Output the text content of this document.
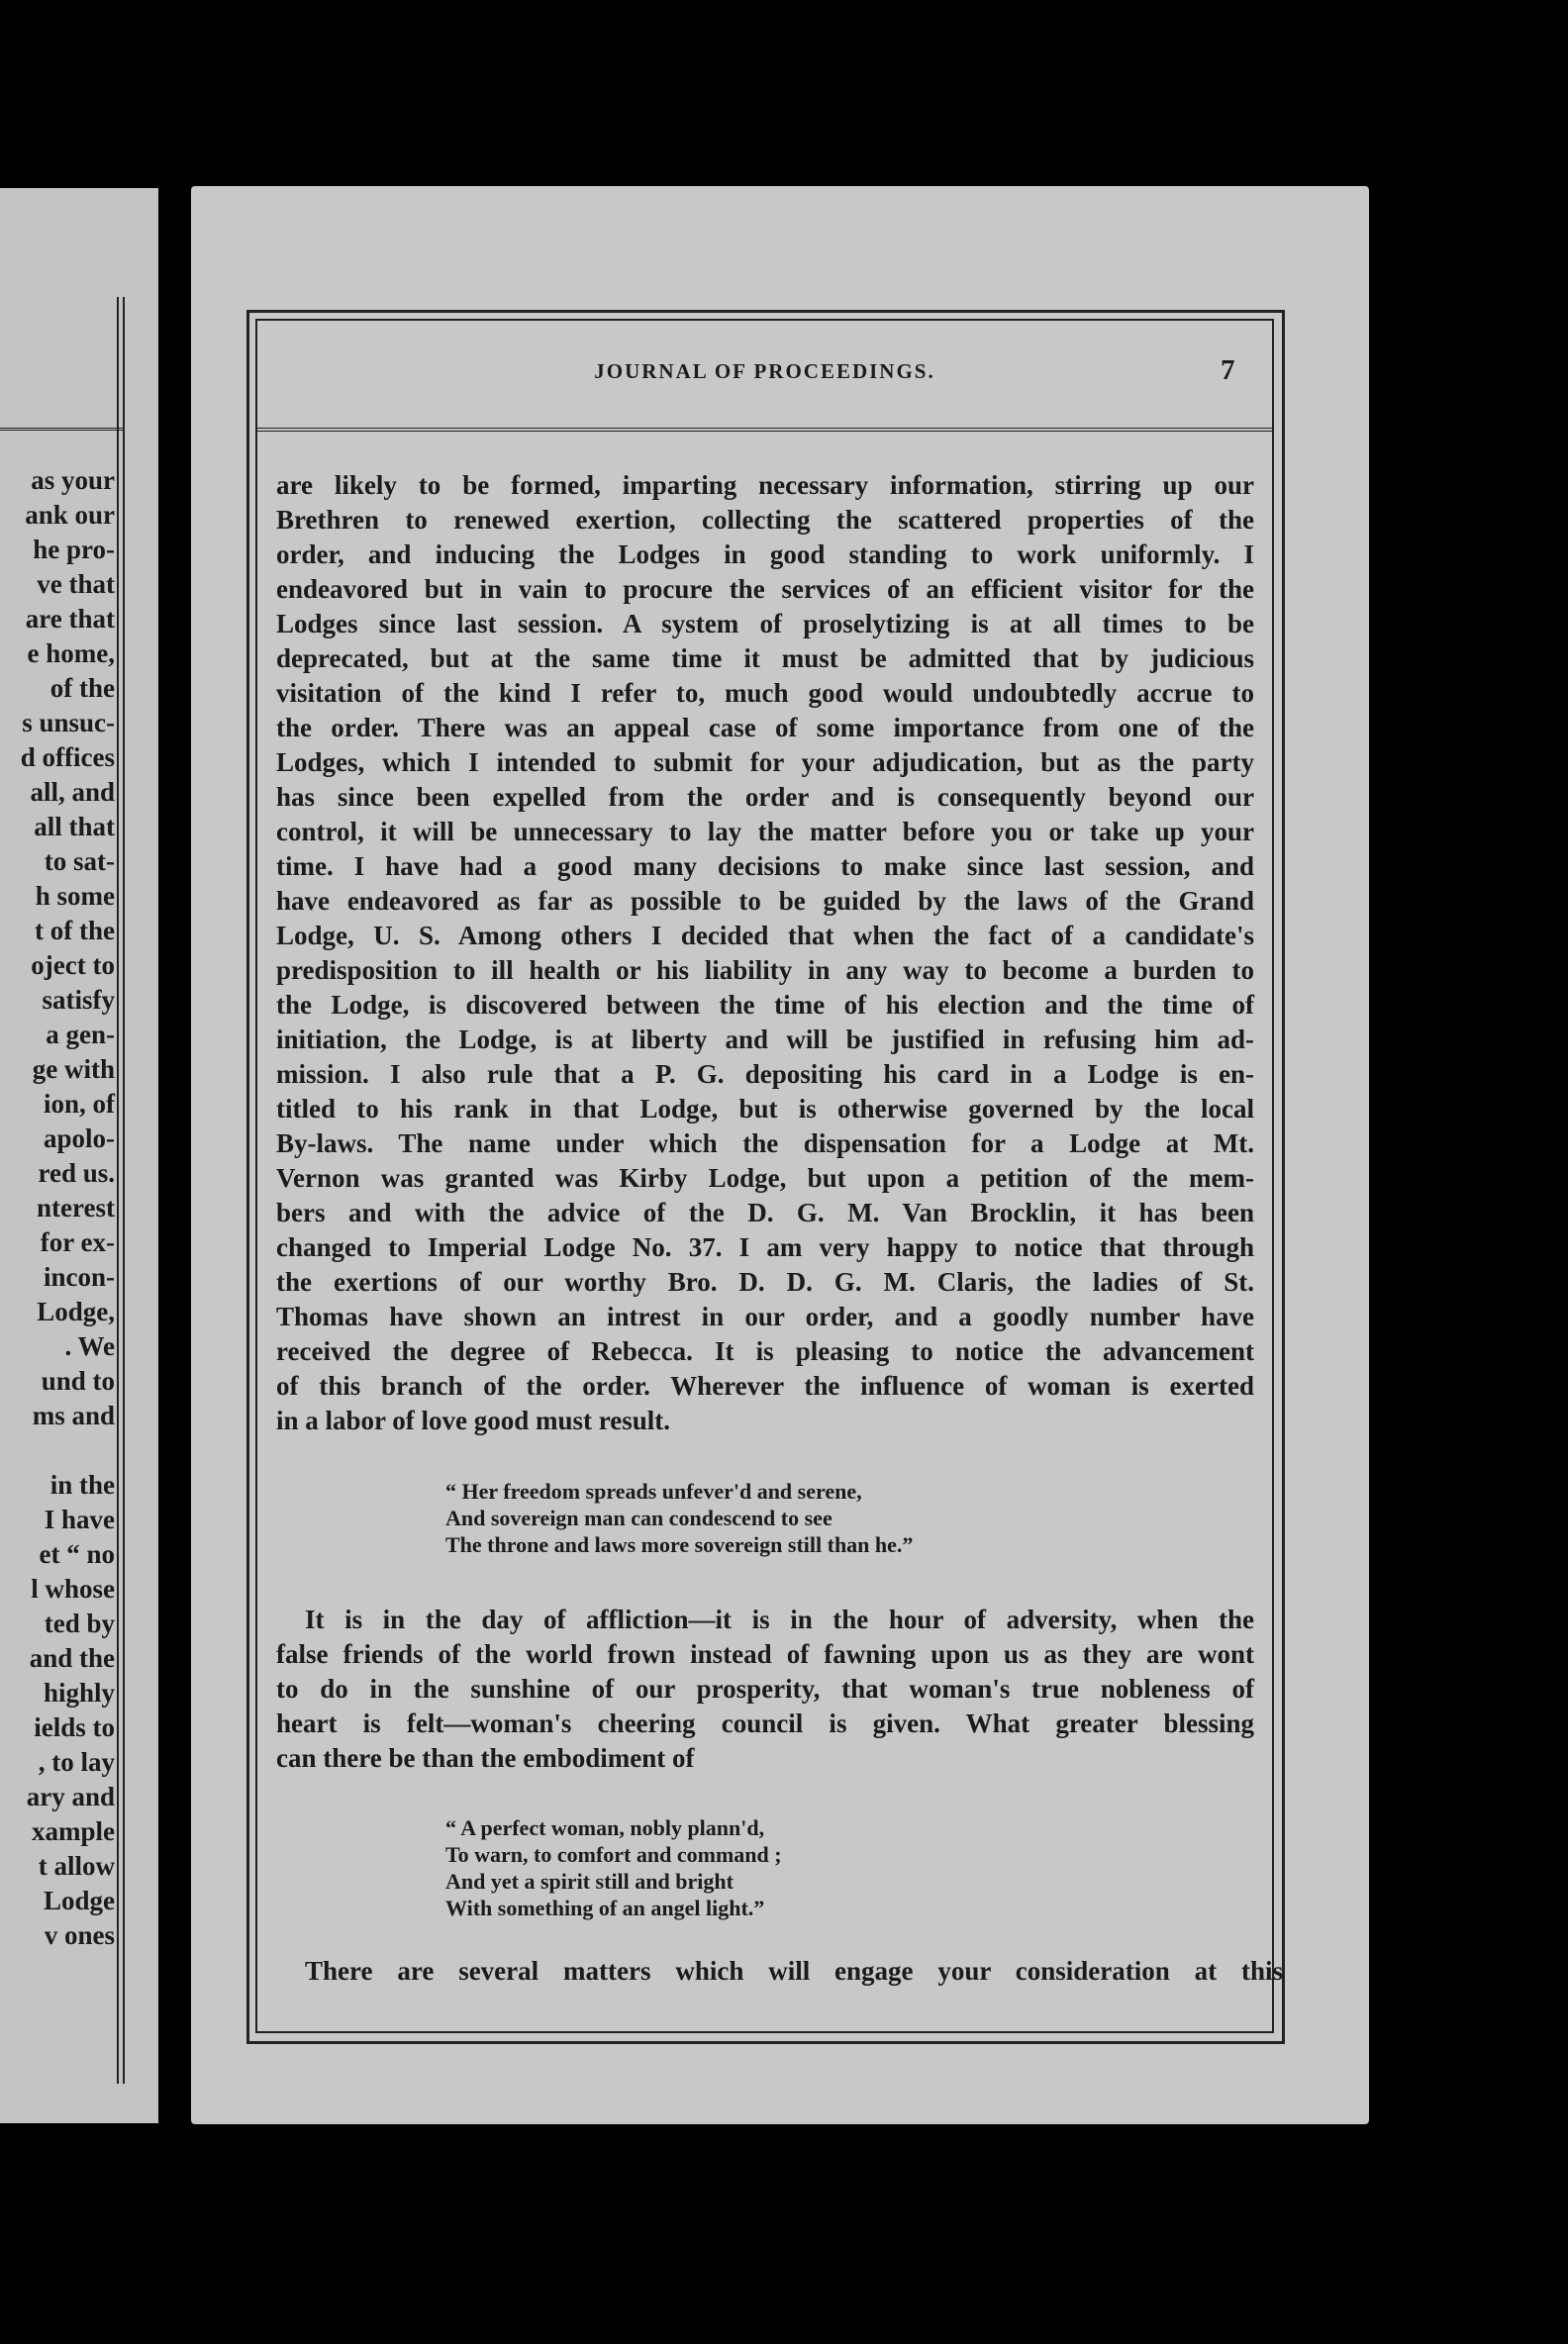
as your
ank our
he pro-
ve that
are that
e home,
of the
s unsuc-
d offices
all, and
all that
to sat-
h some
t of the
oject to
satisfy
a gen-
ge with
ion, of
apolo-
red us.
nterest
for ex-
incon-
Lodge,
. We
und to
ms and
in the
I have
et “ no
l whose
ted by
and the
highly
ields to
, to lay
ary and
xample
t allow
Lodge
v ones
JOURNAL OF PROCEEDINGS.	7
are likely to be formed, imparting necessary information, stirring up our
Brethren to renewed exertion, collecting the scattered properties of the
order, and inducing the Lodges in good standing to work uniformly. I
endeavored but in vain to procure the services of an efficient visitor for the
Lodges since last session. A system of proselytizing is at all times to be
deprecated, but at the same time it must be admitted that by judicious
visitation of the kind I refer to, much good would undoubtedly accrue to
the order. There was an appeal case of some importance from one of the
Lodges, which I intended to submit for your adjudication, but as the party
has since been expelled from the order and is consequently beyond our
control, it will be unnecessary to lay the matter before you or take up your
time. I have had a good many decisions to make since last session, and
have endeavored as far as possible to be guided by the laws of the Grand
Lodge, U. S. Among others I decided that when the fact of a candidate's
predisposition to ill health or his liability in any way to become a burden to
the Lodge, is discovered between the time of his election and the time of
initiation, the Lodge, is at liberty and will be justified in refusing him ad-
mission. I also rule that a P. G. depositing his card in a Lodge is en-
titled to his rank in that Lodge, but is otherwise governed by the local
By-laws. The name under which the dispensation for a Lodge at Mt.
Vernon was granted was Kirby Lodge, but upon a petition of the mem-
bers and with the advice of the D. G. M. Van Brocklin, it has been
changed to Imperial Lodge No. 37. I am very happy to notice that through
the exertions of our worthy Bro. D. D. G. M. Claris, the ladies of St.
Thomas have shown an intrest in our order, and a goodly number have
received the degree of Rebecca. It is pleasing to notice the advancement
of this branch of the order. Wherever the influence of woman is exerted
in a labor of love good must result.
“ Her freedom spreads unfever'd and serene,
And sovereign man can condescend to see
The throne and laws more sovereign still than he.”
It is in the day of affliction—it is in the hour of adversity, when the
false friends of the world frown instead of fawning upon us as they are wont
to do in the sunshine of our prosperity, that woman's true nobleness of
heart is felt—woman's cheering council is given. What greater blessing
can there be than the embodiment of
“ A perfect woman, nobly plann'd,
To warn, to comfort and command ;
And yet a spirit still and bright
With something of an angel light.”
There are several matters which will engage your consideration at this
